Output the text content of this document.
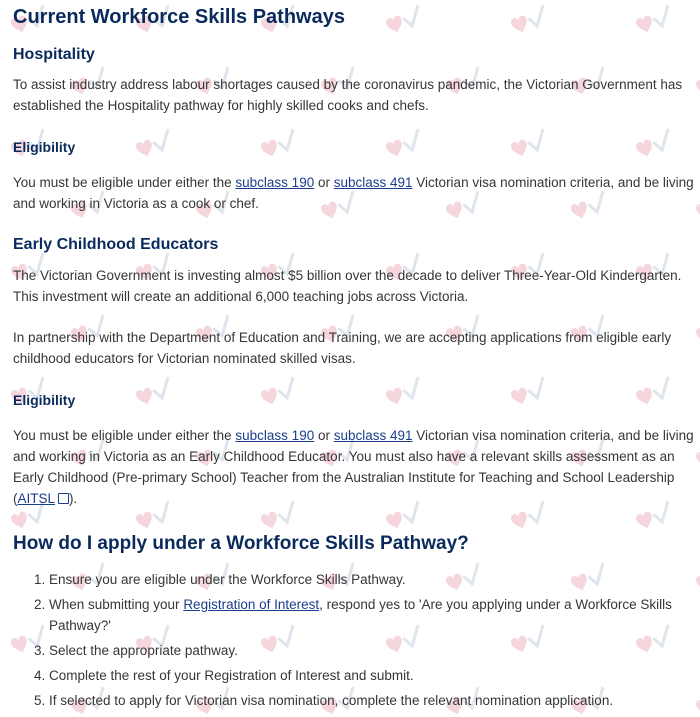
Current Workforce Skills Pathways
Hospitality

To assist industry address labour shortages caused by the coronavirus pandemic, the Victorian Government has established the Hospitality pathway for highly skilled cooks and chefs.

Eligibility

You must be eligible under either the subclass 190 or subclass 491 Victorian visa nomination criteria, and be living and working in Victoria as a cook or chef.

Early Childhood Educators

The Victorian Government is investing almost $5 billion over the decade to deliver Three-Year-Old Kindergarten. This investment will create an additional 6,000 teaching jobs across Victoria.

In partnership with the Department of Education and Training, we are accepting applications from eligible early childhood educators for Victorian nominated skilled visas.

Eligibility

You must be eligible under either the subclass 190 or subclass 491 Victorian visa nomination criteria, and be living and working in Victoria as an Early Childhood Educator. You must also have a relevant skills assessment as an Early Childhood (Pre-primary School) Teacher from the Australian Institute for Teaching and School Leadership (AITSL ).

How do I apply under a Workforce Skills Pathway?
1. Ensure you are eligible under the Workforce Skills Pathway.
2. When submitting your Registration of Interest, respond yes to 'Are you applying under a Workforce Skills Pathway?'
3. Select the appropriate pathway.
4. Complete the rest of your Registration of Interest and submit.
5. If selected to apply for Victorian visa nomination, complete the relevant nomination application.
